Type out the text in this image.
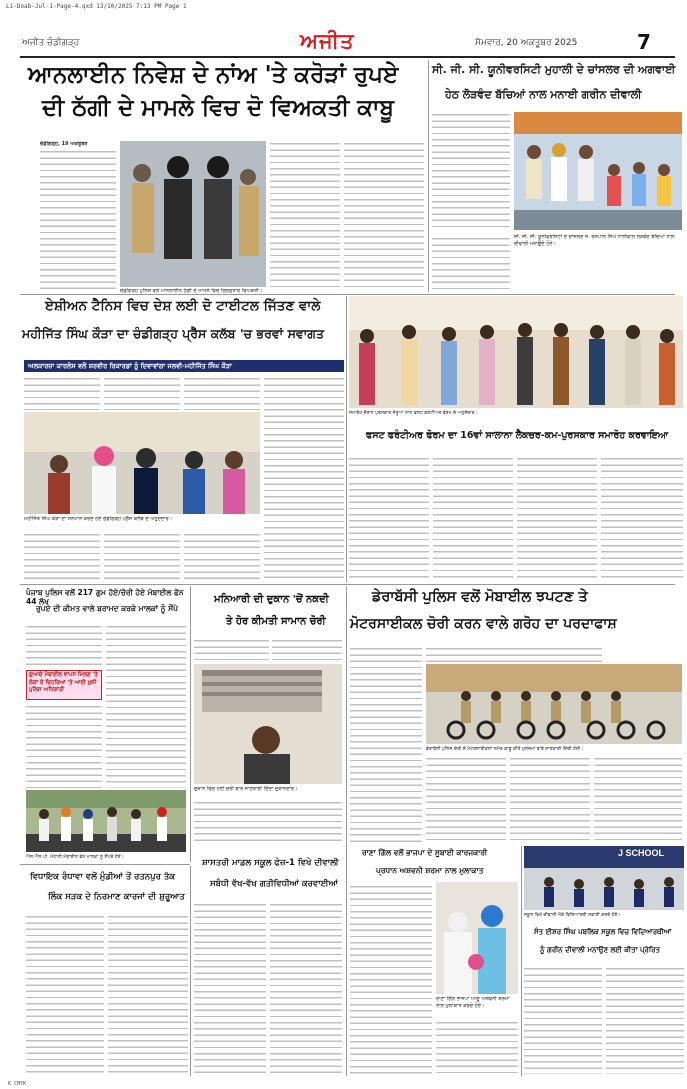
Li-Doab-Jul-1-Page-4.qxd 13/10/2025 7:13 PM Page 1
ਅਜੀਤ ਚੰਡੀਗੜ੍ਹ	ਅਜੀਤ	ਸੋਮਵਾਰ, 20 ਅਕਤੂਬਰ 2025	7
ਆਨਲਾਈਨ ਨਿਵੇਸ਼ ਦੇ ਨਾਂਅ 'ਤੇ ਕਰੋੜਾਂ ਰੁਪਏ
ਦੀ ਠੱਗੀ ਦੇ ਮਾਮਲੇ ਵਿਚ ਦੋ ਵਿਅਕਤੀ ਕਾਬੂ
ਚੰਡੀਗੜ੍ਹ, 19 ਅਕਤੂਬਰ
ਚੰਡੀਗੜ੍ਹ ਪੁਲਿਸ ਵਲੋਂ ਆਨਲਾਈਨ ਠੱਗੀ ਦੇ ਮਾਮਲੇ ਵਿਚ ਗ੍ਰਿਫ਼ਤਾਰ ਵਿਅਕਤੀ।
ਸੀ. ਜੀ. ਸੀ. ਯੂਨੀਵਰਸਿਟੀ ਮੁਹਾਲੀ ਦੇ ਚਾਂਸਲਰ ਦੀ ਅਗਵਾਈ
ਹੇਠ ਲੋੜਵੰਦ ਬੱਚਿਆਂ ਨਾਲ ਮਨਾਈ ਗਰੀਨ ਦੀਵਾਲੀ
ਸੀ. ਜੀ. ਸੀ. ਯੂਨੀਵਰਸਿਟੀ ਦੇ ਚਾਂਸਲਰ ਸ. ਰਸ਼ਪਾਲ ਸਿੰਘ ਧਾਲੀਵਾਲ ਲੋੜਵੰਦ ਬੱਚਿਆਂ ਨਾਲ ਦੀਵਾਲੀ ਮਨਾਉਂਦੇ ਹੋਏ।
ਏਸ਼ੀਅਨ ਟੈਨਿਸ ਵਿਚ ਦੇਸ਼ ਲਈ ਦੋ ਟਾਈਟਲ ਜਿੱਤਣ ਵਾਲੇ
ਮਹੀਜਿੱਤ ਸਿੰਘ ਕੌੜਾ ਦਾ ਚੰਡੀਗੜ੍ਹ ਪ੍ਰੈੱਸ ਕਲੱਬ 'ਚ ਭਰਵਾਂ ਸਵਾਗਤ
ਅਲਕਾਰਜ਼ਾ ਕਾਰਲੋਸ ਵਲੋਂ ਸ਼ਰਵੀਰ ਰਿਕਾਰਡਾਂ ਨੂੰ ਦਿਵਾਵਾਂਗਾ ਜਲਵੀ-ਮਹੀਜਿੱਤ ਸਿੰਘ ਕੌੜਾ
ਮਹੀਜਿੱਤ ਸਿੰਘ ਕੌੜਾ ਦਾ ਸਨਮਾਨ ਕਰਦੇ ਹੋਏ ਚੰਡੀਗੜ੍ਹ ਪ੍ਰੈੱਸ ਕਲੱਬ ਦੇ ਅਹੁਦੇਦਾਰ।
ਸਮਾਰੋਹ ਦੌਰਾਨ ਪੁਰਸਕਾਰ ਜੇਤੂਆਂ ਨਾਲ ਫਸਟ ਫਰੰਟੀਅਰ ਫੋਰਮ ਦੇ ਅਹੁਦੇਦਾਰ।
ਫਸਟ ਫਰੰਟੀਅਰ ਫੋਰਮ ਦਾ 16ਵਾਂ ਸਾਲਾਨਾ ਲੈਕਚਰ-ਕਮ-ਪੁਰਸਕਾਰ ਸਮਾਰੋਹ ਕਰਵਾਇਆ
ਪੰਜਾਬ ਪੁਲਿਸ ਵਲੋਂ 217 ਗੁਮ ਹੋਏ/ਚੋਰੀ ਹੋਏ ਮੋਬਾਈਲ ਫੋਨ 44 ਲੱਖ
ਰੁਪਏ ਦੀ ਕੀਮਤ ਵਾਲੇ ਬਰਾਮਦ ਕਰਕੇ ਮਾਲਕਾਂ ਨੂੰ ਸੌਂਪੇ
ਗੁਆਚੇ ਮੋਬਾਈਲ ਵਾਪਸ ਮਿਲਣ 'ਤੇ ਲੋਕਾਂ ਦੇ ਚਿਹਰਿਆਂ 'ਤੇ ਆਈ ਖੁਸ਼ੀ ਪੁਲਿਸ ਅਧਿਕਾਰੀ
ਐਸ.ਐਸ.ਪੀ. ਮੋਹਾਲੀ ਮੋਬਾਈਲ ਫੋਨ ਮਾਲਕਾਂ ਨੂੰ ਸੌਂਪਦੇ ਹੋਏ।
ਮਨਿਆਰੀ ਦੀ ਦੁਕਾਨ 'ਚੋਂ ਨਕਦੀ
ਤੇ ਹੋਰ ਕੀਮਤੀ ਸਾਮਾਨ ਚੋਰੀ
ਦੁਕਾਨ ਵਿਚ ਹੋਈ ਚੋਰੀ ਬਾਰੇ ਜਾਣਕਾਰੀ ਦਿੰਦਾ ਦੁਕਾਨਦਾਰ।
ਡੇਰਾਬੱਸੀ ਪੁਲਿਸ ਵਲੋਂ ਮੋਬਾਈਲ ਝਪਟਣ ਤੇ
ਮੋਟਰਸਾਈਕਲ ਚੋਰੀ ਕਰਨ ਵਾਲੇ ਗਰੋਹ ਦਾ ਪਰਦਾਫਾਸ਼
ਡੇਰਾਬੱਸੀ ਪੁਲਿਸ ਚੋਰੀ ਦੇ ਮੋਟਰਸਾਈਕਲਾਂ ਸਮੇਤ ਕਾਬੂ ਕੀਤੇ ਮੁਲਜ਼ਮਾਂ ਬਾਰੇ ਜਾਣਕਾਰੀ ਦਿੰਦੀ ਹੋਈ।
ਵਿਧਾਇਕ ਰੰਧਾਵਾ ਵਲੋਂ ਮੁੰਡੀਆਂ ਤੋਂ ਰਤਨਪੁਰ ਤੱਕ
ਲਿੰਕ ਸੜਕ ਦੇ ਨਿਰਮਾਣ ਕਾਰਜਾਂ ਦੀ ਸ਼ੁਰੂਆਤ
ਸ਼ਾਸਤਰੀ ਮਾਡਲ ਸਕੂਲ ਫੇਜ਼-1 ਵਿਖੇ ਦੀਵਾਲੀ
ਸਬੰਧੀ ਵੱਖ-ਵੱਖ ਗਤੀਵਿਧੀਆਂ ਕਰਵਾਈਆਂ
ਰਾਣਾ ਗਿੱਲ ਵਲੋਂ ਭਾਜਪਾ ਦੇ ਸੂਬਾਈ ਕਾਰਜਕਾਰੀ
ਪ੍ਰਧਾਨ ਅਸ਼ਵਨੀ ਸ਼ਰਮਾ ਨਾਲ ਮੁਲਾਕਾਤ
ਰਾਣਾ ਗਿੱਲ ਭਾਜਪਾ ਆਗੂ ਅਸ਼ਵਨੀ ਸ਼ਰਮਾ ਨਾਲ ਮੁਲਾਕਾਤ ਕਰਦੇ ਹੋਏ।
J SCHOOL
ਸਕੂਲ ਵਿਖੇ ਦੀਵਾਲੀ ਮੌਕੇ ਵਿਦਿਆਰਥੀ ਸਫ਼ਾਈ ਕਰਦੇ ਹੋਏ।
ਸੰਤ ਈਸ਼ਰ ਸਿੰਘ ਪਬਲਿਕ ਸਕੂਲ ਵਿਚ ਵਿਦਿਆਰਥੀਆਂ
ਨੂੰ ਗਰੀਨ ਦੀਵਾਲੀ ਮਨਾਉਣ ਲਈ ਕੀਤਾ ਪ੍ਰੇਰਿਤ
K CMYK
